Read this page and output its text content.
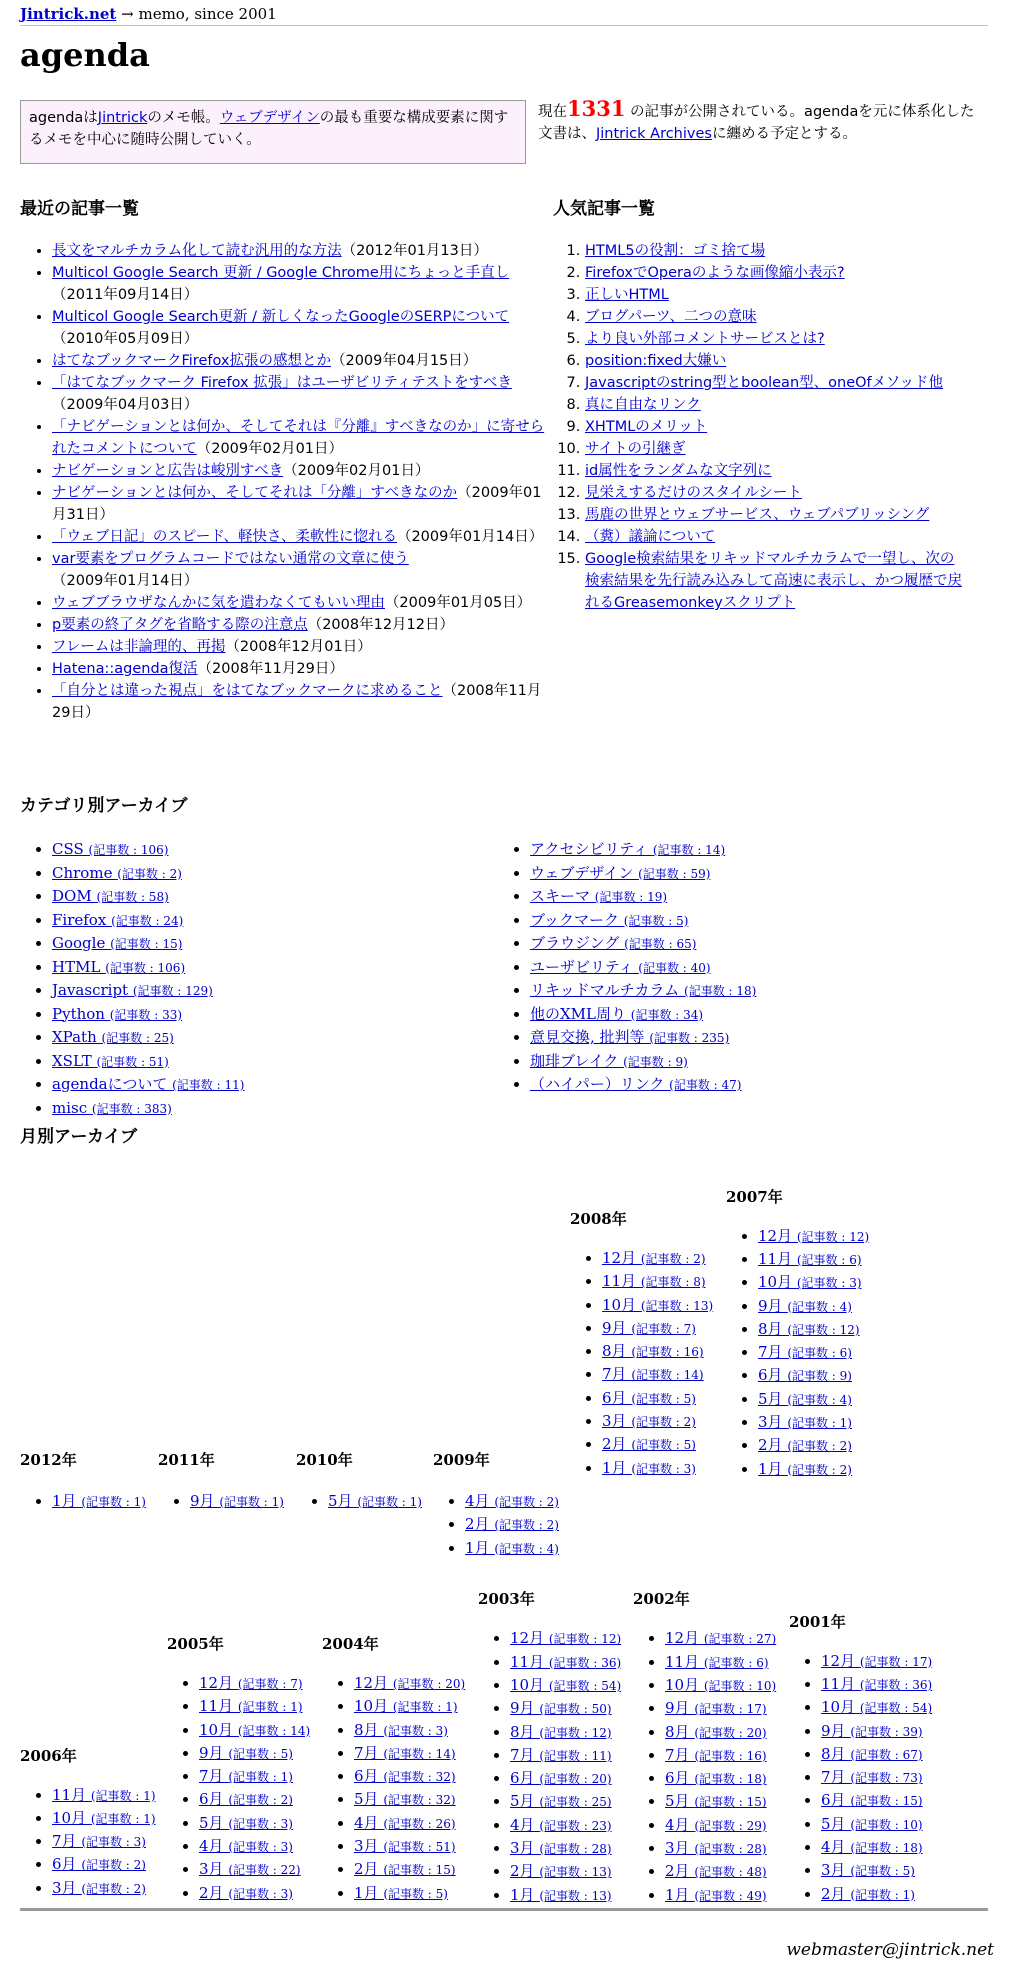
Jintrick.net → memo, since 2001
agenda
agendaはJintrickのメモ帳。ウェブデザインの最も重要な構成要素に関するメモを中心に随時公開していく。
現在1331 の記事が公開されている。agendaを元に体系化した文書は、Jintrick Archivesに纏める予定とする。
最近の記事一覧
• 長文をマルチカラム化して読む汎用的な方法（2012年01月13日）
• Multicol Google Search 更新 / Google Chrome用にちょっと手直し（2011年09月14日）
• Multicol Google Search更新 / 新しくなったGoogleのSERPについて（2010年05月09日）
• はてなブックマークFirefox拡張の感想とか（2009年04月15日）
• 「はてなブックマーク Firefox 拡張」はユーザビリティテストをすべき（2009年04月03日）
• 「ナビゲーションとは何か、そしてそれは『分離』すべきなのか」に寄せられたコメントについて（2009年02月01日）
• ナビゲーションと広告は峻別すべき（2009年02月01日）
• ナビゲーションとは何か、そしてそれは「分離」すべきなのか（2009年01月31日）
• 「ウェブ日記」のスピード、軽快さ、柔軟性に惚れる（2009年01月14日）
• var要素をプログラムコードではない通常の文章に使う（2009年01月14日）
• ウェブブラウザなんかに気を遣わなくてもいい理由（2009年01月05日）
• p要素の終了タグを省略する際の注意点（2008年12月12日）
• フレームは非論理的、再掲（2008年12月01日）
• Hatena::agenda復活（2008年11月29日）
• 「自分とは違った視点」をはてなブックマークに求めること（2008年11月29日）
人気記事一覧
1. HTML5の役割：ゴミ捨て場
2. FirefoxでOperaのような画像縮小表示?
3. 正しいHTML
4. ブログパーツ、二つの意味
5. より良い外部コメントサービスとは?
6. position:fixed大嫌い
7. Javascriptのstring型とboolean型、oneOfメソッド他
8. 真に自由なリンク
9. XHTMLのメリット
10. サイトの引継ぎ
11. id属性をランダムな文字列に
12. 見栄えするだけのスタイルシート
13. 馬鹿の世界とウェブサービス、ウェブパブリッシング
14. （糞）議論について
15. Google検索結果をリキッドマルチカラムで一望し、次の検索結果を先行読み込みして高速に表示し、かつ履歴で戻れるGreasemonkeyスクリプト
カテゴリ別アーカイブ
• CSS (記事数 : 106)
• Chrome (記事数 : 2)
• DOM (記事数 : 58)
• Firefox (記事数 : 24)
• Google (記事数 : 15)
• HTML (記事数 : 106)
• Javascript (記事数 : 129)
• Python (記事数 : 33)
• XPath (記事数 : 25)
• XSLT (記事数 : 51)
• agendaについて (記事数 : 11)
• misc (記事数 : 383)
• アクセシビリティ (記事数 : 14)
• ウェブデザイン (記事数 : 59)
• スキーマ (記事数 : 19)
• ブックマーク (記事数 : 5)
• ブラウジング (記事数 : 65)
• ユーザビリティ (記事数 : 40)
• リキッドマルチカラム (記事数 : 18)
• 他のXML周り (記事数 : 34)
• 意見交換, 批判等 (記事数 : 235)
• 珈琲ブレイク (記事数 : 9)
• （ハイパー）リンク (記事数 : 47)
月別アーカイブ
2012年
• 1月 (記事数 : 1)
2011年
• 9月 (記事数 : 1)
2010年
• 5月 (記事数 : 1)
2009年
• 4月 (記事数 : 2)
• 2月 (記事数 : 2)
• 1月 (記事数 : 4)
2008年
• 12月 (記事数 : 2)
• 11月 (記事数 : 8)
• 10月 (記事数 : 13)
• 9月 (記事数 : 7)
• 8月 (記事数 : 16)
• 7月 (記事数 : 14)
• 6月 (記事数 : 5)
• 3月 (記事数 : 2)
• 2月 (記事数 : 5)
• 1月 (記事数 : 3)
2007年
• 12月 (記事数 : 12)
• 11月 (記事数 : 6)
• 10月 (記事数 : 3)
• 9月 (記事数 : 4)
• 8月 (記事数 : 12)
• 7月 (記事数 : 6)
• 6月 (記事数 : 9)
• 5月 (記事数 : 4)
• 3月 (記事数 : 1)
• 2月 (記事数 : 2)
• 1月 (記事数 : 2)
2006年
• 11月 (記事数 : 1)
• 10月 (記事数 : 1)
• 7月 (記事数 : 3)
• 6月 (記事数 : 2)
• 3月 (記事数 : 2)
2005年
• 12月 (記事数 : 7)
• 11月 (記事数 : 1)
• 10月 (記事数 : 14)
• 9月 (記事数 : 5)
• 7月 (記事数 : 1)
• 6月 (記事数 : 2)
• 5月 (記事数 : 3)
• 4月 (記事数 : 3)
• 3月 (記事数 : 22)
• 2月 (記事数 : 3)
2004年
• 12月 (記事数 : 20)
• 10月 (記事数 : 1)
• 8月 (記事数 : 3)
• 7月 (記事数 : 14)
• 6月 (記事数 : 32)
• 5月 (記事数 : 32)
• 4月 (記事数 : 26)
• 3月 (記事数 : 51)
• 2月 (記事数 : 15)
• 1月 (記事数 : 5)
2003年
• 12月 (記事数 : 12)
• 11月 (記事数 : 36)
• 10月 (記事数 : 54)
• 9月 (記事数 : 50)
• 8月 (記事数 : 12)
• 7月 (記事数 : 11)
• 6月 (記事数 : 20)
• 5月 (記事数 : 25)
• 4月 (記事数 : 23)
• 3月 (記事数 : 28)
• 2月 (記事数 : 13)
• 1月 (記事数 : 13)
2002年
• 12月 (記事数 : 27)
• 11月 (記事数 : 6)
• 10月 (記事数 : 10)
• 9月 (記事数 : 17)
• 8月 (記事数 : 20)
• 7月 (記事数 : 16)
• 6月 (記事数 : 18)
• 5月 (記事数 : 15)
• 4月 (記事数 : 29)
• 3月 (記事数 : 28)
• 2月 (記事数 : 48)
• 1月 (記事数 : 49)
2001年
• 12月 (記事数 : 17)
• 11月 (記事数 : 36)
• 10月 (記事数 : 54)
• 9月 (記事数 : 39)
• 8月 (記事数 : 67)
• 7月 (記事数 : 73)
• 6月 (記事数 : 15)
• 5月 (記事数 : 10)
• 4月 (記事数 : 18)
• 3月 (記事数 : 5)
• 2月 (記事数 : 1)
webmaster@jintrick.net
